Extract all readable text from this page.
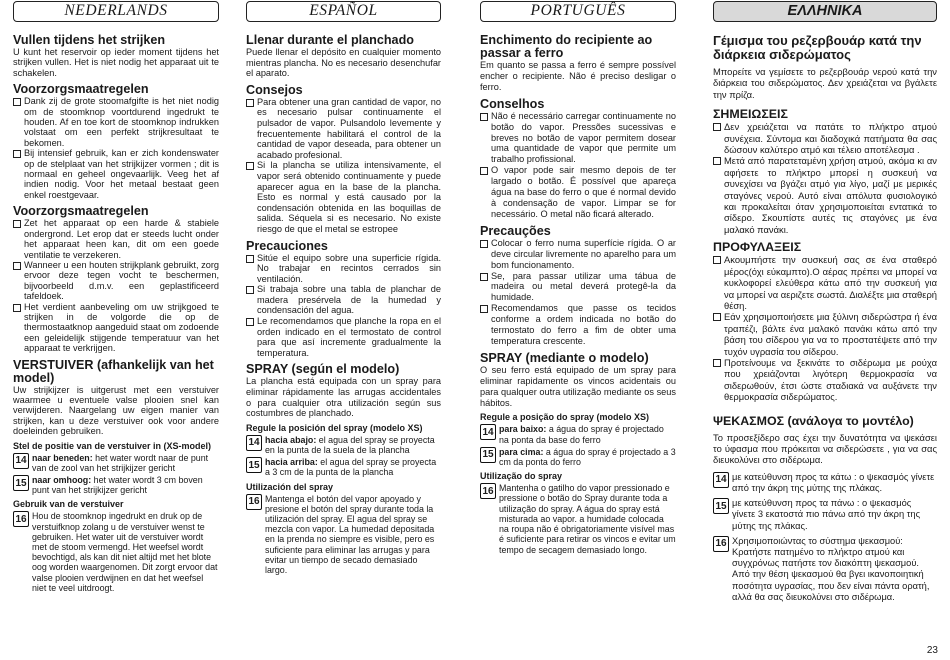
NEDERLANDS
Vullen tijdens het strijken

U kunt het reservoir op ieder moment tijdens het strijken vullen. Het is niet nodig het apparaat uit te schakelen.

Voorzorgsmaatregelen
Dank zij de grote stoomafgifte is het niet nodig om de stoomknop voortdurend ingedrukt te houden. Af en toe kort de stoomknop indrukken volstaat om een perfekt strijkresultaat te bekomen.
Bij intensief gebruik, kan er zich kondenswater op de stelplaat van het strijkijzer vormen ; dit is normaal en geheel ongevaarlijk. Veeg het af indien nodig. Voor het metaal bestaat geen enkel roestgevaar.
Voorzorgsmaatregelen
Zet het apparaat op een harde & stabiele ondergrond. Let erop dat er steeds lucht onder het apparaat heen kan, dit om een goede ventilatie te verzekeren.
Wanneer u een houten strijkplank gebruikt, zorg ervoor deze tegen vocht te beschermen, bijvoorbeeld d.m.v. een geplastificeerd tafeldoek.
Het verdient aanbeveling om uw strijkgoed te strijken in de volgorde die op de thermostaatknop aangeduid staat om zodoende een geleidelijk stijgende temperatuur van het apparaat te verkrijgen.
VERSTUIVER (afhankelijk van het model)

Uw strijkijzer is uitgerust met een verstuiver waarmee u eventuele valse plooien snel kan verwijderen. Naargelang uw eigen manier van strijken, kan u deze verstuiver ook voor andere doeleinden gebruiken.

Stel de positie van de verstuiver in (XS-model)
14 naar beneden: het water wordt naar de punt van de zool van het strijkijzer gericht
15 naar omhoog: het water wordt 3 cm boven punt van het strijkijzer gericht
Gebruik van de verstuiver
16 Hou de stoomknop ingedrukt en druk op de verstuifknop zolang u de verstuiver wenst te gebruiken. Het water uit de verstuiver wordt met de stoom vermengd. Het weefsel wordt bevochtigd, als kan dit niet altijd met het blote oog worden waargenomen. Dit zorgt ervoor dat valse plooien verdwijnen en dat het weefsel niet te veel uitdroogt.
ESPAÑOL
Llenar durante el planchado

Puede llenar el depósito en cualquier momento mientras plancha. No es necesario desenchufar el aparato.

Consejos
Para obtener una gran cantidad de vapor, no es necesario pulsar continuamente el pulsador de vapor. Pulsandolo levemente y frecuentemente habilitará el control de la cantidad de vapor deseada, para obtener un acabado profesional.
Si la plancha se utiliza intensivamente, el vapor será obtenido continuamente y puede aparecer agua en la base de la plancha. Esto es normal y está causado por la condensación obtenida en las boquillas de salida. Séquela si es necesario. No existe riesgo de que el metal se estropee
Precauciones
Sitúe el equipo sobre una superficie rígida. No trabajar en recintos cerrados sin ventilación.
Si trabaja sobre una tabla de planchar de madera presérvela de la humedad y condensación del agua.
Le recomendamos que planche la ropa en el orden indicado en el termostato de control para que así incremente gradualmente la temperatura.
SPRAY (según el modelo)

La plancha está equipada con un spray para eliminar rápidamente las arrugas accidentales o para cualquier otra utilización según sus costumbres de planchado.

Regule la posición del spray (modelo XS)
14 hacia abajo: el agua del spray se proyecta en la punta de la suela de la plancha
15 hacia arriba: el agua del spray se proyecta a 3 cm de la punta de la plancha
Utilización del spray
16 Mantenga el botón del vapor apoyado y presione el botón del spray durante toda la utilización del spray. El agua del spray se mezcla con vapor. La humedad depositada en la prenda no siempre es visible, pero es suficiente para eliminar las arrugas y para evitar un tiempo de secado demasiado largo.
PORTUGUÊS
Enchimento do recipiente ao passar a ferro

Em quanto se passa a ferro é sempre possível encher o recipiente. Não é preciso desligar o ferro.

Conselhos
Não é necessário carregar continuamente no botão do vapor. Pressões sucessivas e breves no botão de vapor permitem dosear uma quantidade de vapor que permite um trabalho profissional.
O vapor pode sair mesmo depois de ter largado o botão. É possível que apareça água na base do ferro o que é normal devido à condensação de vapor. Limpar se for necessário. O metal não ficará alterado.
Precauções
Colocar o ferro numa superfície rígida. O ar deve circular livremente no aparelho para um bom funcionamento.
Se, para passar utilizar uma tábua de madeira ou metal deverá protegê-la da humidade.
Recomendamos que passe os tecidos conforme a ordem indicada no botão do termostato do ferro a fim de obter uma temperatura crescente.
SPRAY (mediante o modelo)

O seu ferro está equipado de um spray para eliminar rapidamente os vincos acidentais ou para qualquer outra utilização mediante os seus hábitos.

Regule a posição do spray (modelo XS)
14 para baixo: a água do spray é projectado na ponta da base do ferro
15 para cima: a água do spray é projectado a 3 cm da ponta do ferro
Utilização do spray
16 Mantenha o gatilho do vapor pressionado e pressione o botão do Spray durante toda a utilização do spray. A água do spray está misturada ao vapor. a humidade colocada na roupa não é obrigatoriamente visível mas é suficiente para retirar os vincos e evitar um tempo de secagem demasiado longo.
ΕΛΛΗΝΙΚΑ
Γέμισμα του ρεζερβουάρ κατά την διάρκεια σιδερώματος

Μπορείτε να γεμίσετε το ρεζερβουάρ νερού κατά την διάρκεια του σιδερώματος. Δεν χρειάζεται να βγάλετε την πρίζα.

ΣΗΜΕΙΩΣΕΙΣ
Δεν χρειάζεται να πατάτε το πλήκτρο ατμού συνέχεια. Σύντομα και διαδοχικά πατήματα θα σας δώσουν καλύτερο ατμό και τέλειο αποτέλεσμα .
Μετά από παρατεταμένη χρήση ατμού, ακόμα κι αν αφήσετε το πλήκτρο μπορεί η συσκευή να συνεχίσει να βγάζει ατμό για λίγο, μαζί με μερικές σταγόνες νερού. Αυτό είναι απόλυτα φυσιολογικό και προκαλείται όταν χρησιμοποιείται εντατικά το σίδερο. Σκουπίστε αυτές τις σταγόνες με ένα μαλακό πανάκι.
ΠΡΟΦΥΛΑΞΕΙΣ
Ακουμπήστε την συσκευή σας σε ένα σταθερό μέρος(όχι εύκαμπτο).Ο αέρας πρέπει να μπορεί να κυκλοφορεί ελεύθερα κάτω από την συσκευή για να μπορεί να αεριζετε σωστά. Διαλέξτε μια σταθερή θέση.
Εάν χρησιμοποιήσετε μια ξύλινη σιδερώστρα ή ένα τραπέζι, βάλτε ένα μαλακό πανάκι κάτω από την βάση του σίδερου για να το προστατέψετε από την τυχόν υγρασία του σίδερου.
Προτείνουμε να ξεκινάτε το σιδέρωμα με ρούχα που χρειάζονται λιγότερη θερμοκρασία να σιδερωθούν, έτσι ώστε σταδιακά να αυξάνετε την θερμοκρασία σιδερώματος.
ΨΕΚΑΣΜΟΣ (ανάλογα το μοντέλο)

Το προσεξίδερο σας έχει την δυνατότητα να ψεκάσει το ύφασμα που πρόκειται να σιδερώσετε , για να σας διευκολύνει στο σιδέρωμα.

14 με κατεύθυνση προς τα κάτω : ο ψεκασμός γίνετε από την άκρη της μύτης της πλάκας.
15 με κατεύθυνση προς τα πάνω : ο ψεκασμός γίνετε 3 εκατοστά πιο πάνω από την άκρη της μύτης της πλάκας.
16 Χρησιμοποιώντας το σύστημα ψεκασμού: Κρατήστε πατημένο το πλήκτρο ατμού και συγχρόνως πατήστε τον διακόπτη ψεκασμού. Από την θέση ψεκασμού θα βγει ικανοποιητική ποσότητα υγρασίας, που δεν είναι πάντα ορατή, αλλά θα σας διευκολύνει στο σιδέρωμα.
23
